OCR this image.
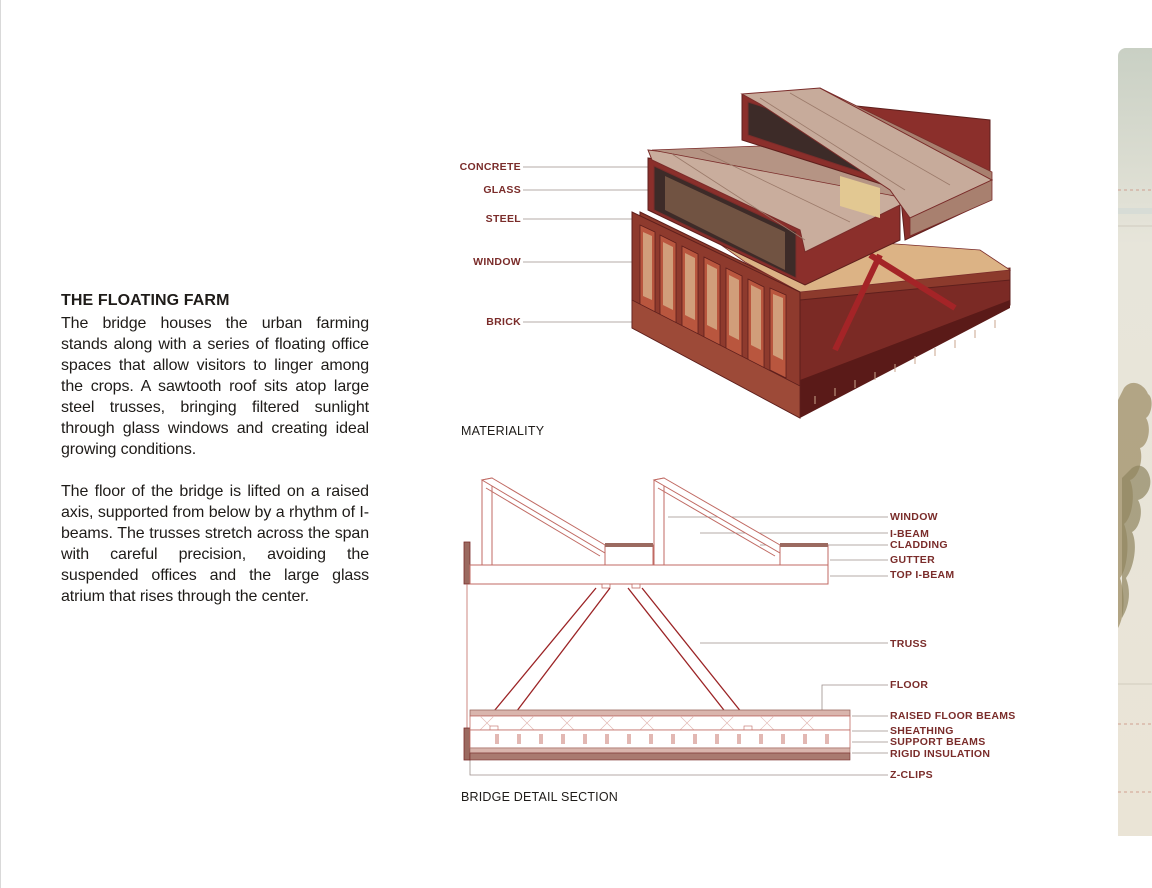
THE FLOATING FARM

The bridge houses the urban farming stands along with a series of floating office spaces that allow visitors to linger among the crops. A sawtooth roof sits atop large steel trusses, bringing filtered sunlight through glass windows and creating ideal growing conditions.

The floor of the bridge is lifted on a raised axis, supported from below by a rhythm of I-beams. The trusses stretch across the span with careful precision, avoiding the suspended offices and the large glass atrium that rises through the center.

CONCRETE
GLASS
STEEL
WINDOW
BRICK
MATERIALITY
WINDOW
I-BEAM
CLADDING
GUTTER
TOP I-BEAM
TRUSS
FLOOR
RAISED FLOOR BEAMS
SHEATHING
SUPPORT BEAMS
RIGID INSULATION
Z-CLIPS
BRIDGE DETAIL SECTION
